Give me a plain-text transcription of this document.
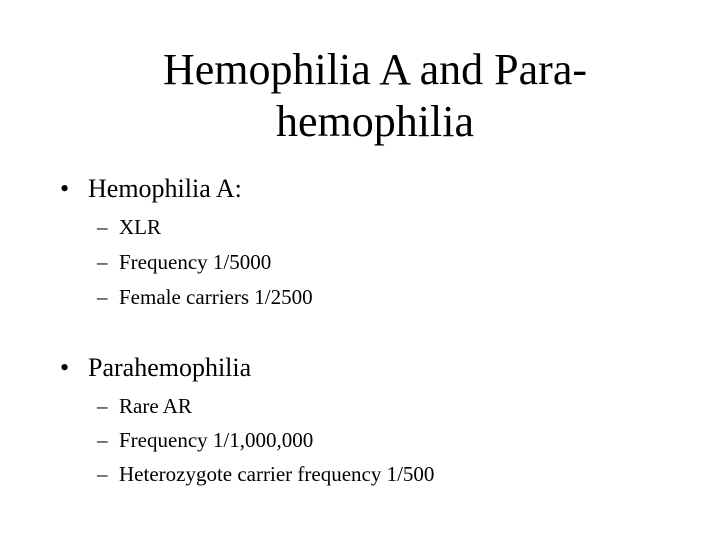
Hemophilia A and Para-
hemophilia
• Hemophilia A:
– XLR
– Frequency 1/5000
– Female carriers 1/2500
• Parahemophilia
– Rare AR
– Frequency 1/1,000,000
– Heterozygote carrier frequency 1/500
